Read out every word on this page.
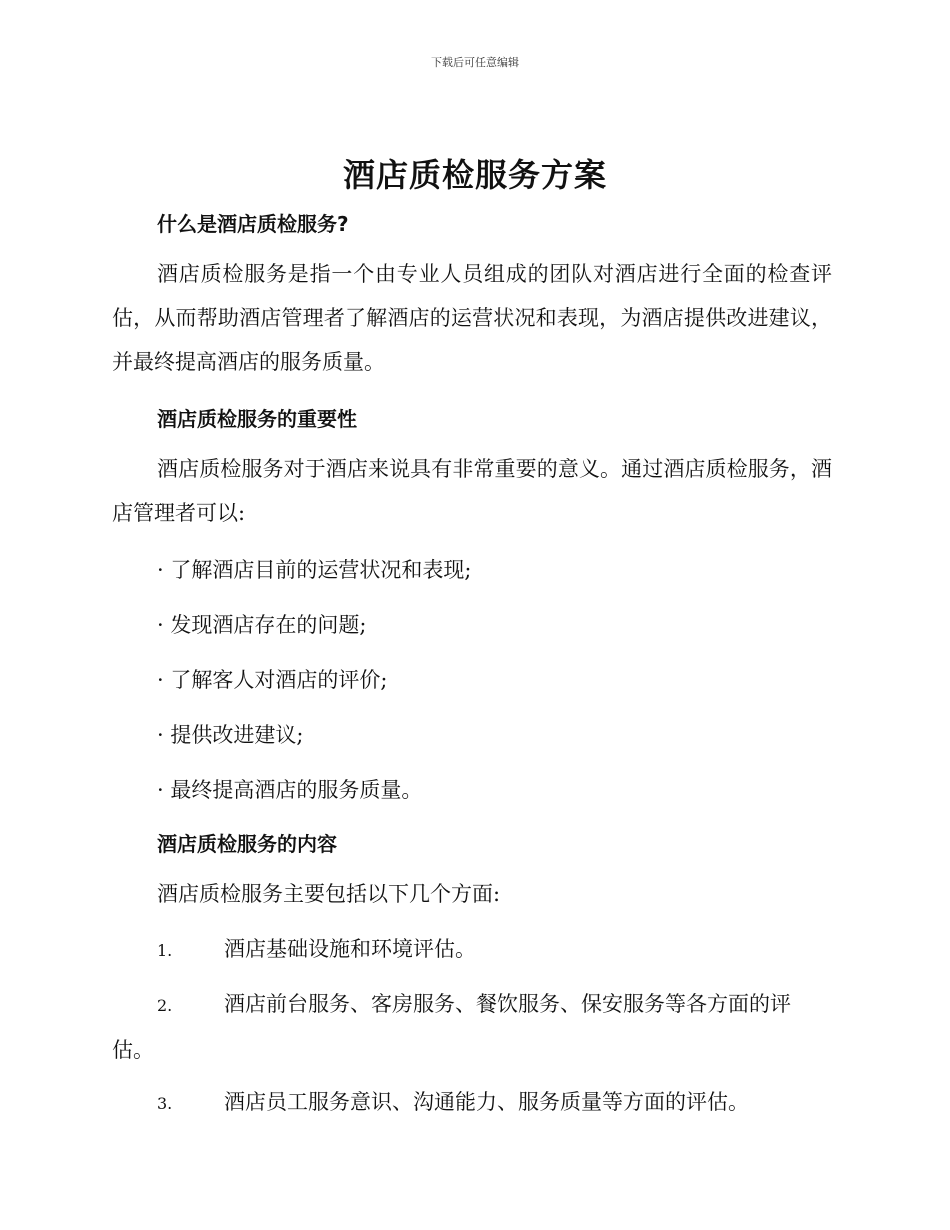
下载后可任意编辑
酒店质检服务方案
什么是酒店质检服务?
酒店质检服务是指一个由专业人员组成的团队对酒店进行全面的检查评估，从而帮助酒店管理者了解酒店的运营状况和表现，为酒店提供改进建议，并最终提高酒店的服务质量。
酒店质检服务的重要性
酒店质检服务对于酒店来说具有非常重要的意义。通过酒店质检服务，酒店管理者可以:
· 了解酒店目前的运营状况和表现;
· 发现酒店存在的问题;
· 了解客人对酒店的评价;
· 提供改进建议;
· 最终提高酒店的服务质量。
酒店质检服务的内容
酒店质检服务主要包括以下几个方面:
1. 酒店基础设施和环境评估。
2. 酒店前台服务、客房服务、餐饮服务、保安服务等各方面的评估。
3. 酒店员工服务意识、沟通能力、服务质量等方面的评估。
